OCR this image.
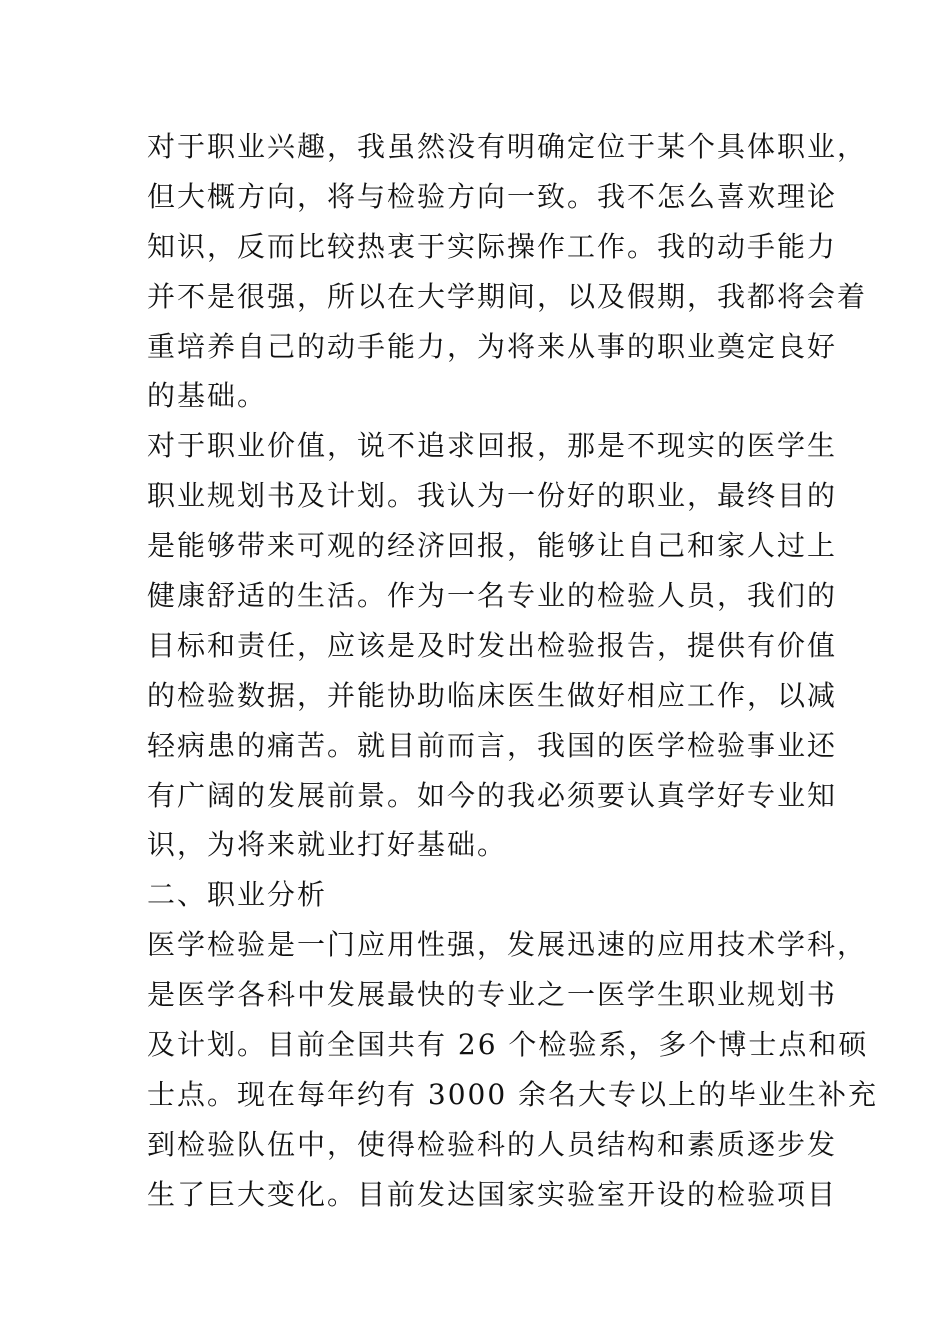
对于职业兴趣，我虽然没有明确定位于某个具体职业，
但大概方向，将与检验方向一致。我不怎么喜欢理论
知识，反而比较热衷于实际操作工作。我的动手能力
并不是很强，所以在大学期间，以及假期，我都将会着
重培养自己的动手能力，为将来从事的职业奠定良好
的基础。
对于职业价值，说不追求回报，那是不现实的医学生
职业规划书及计划。我认为一份好的职业，最终目的
是能够带来可观的经济回报，能够让自己和家人过上
健康舒适的生活。作为一名专业的检验人员，我们的
目标和责任，应该是及时发出检验报告，提供有价值
的检验数据，并能协助临床医生做好相应工作，以减
轻病患的痛苦。就目前而言，我国的医学检验事业还
有广阔的发展前景。如今的我必须要认真学好专业知
识，为将来就业打好基础。
二、职业分析
医学检验是一门应用性强，发展迅速的应用技术学科，
是医学各科中发展最快的专业之一医学生职业规划书
及计划。目前全国共有 26 个检验系，多个博士点和硕
士点。现在每年约有 3000 余名大专以上的毕业生补充
到检验队伍中，使得检验科的人员结构和素质逐步发
生了巨大变化。目前发达国家实验室开设的检验项目
